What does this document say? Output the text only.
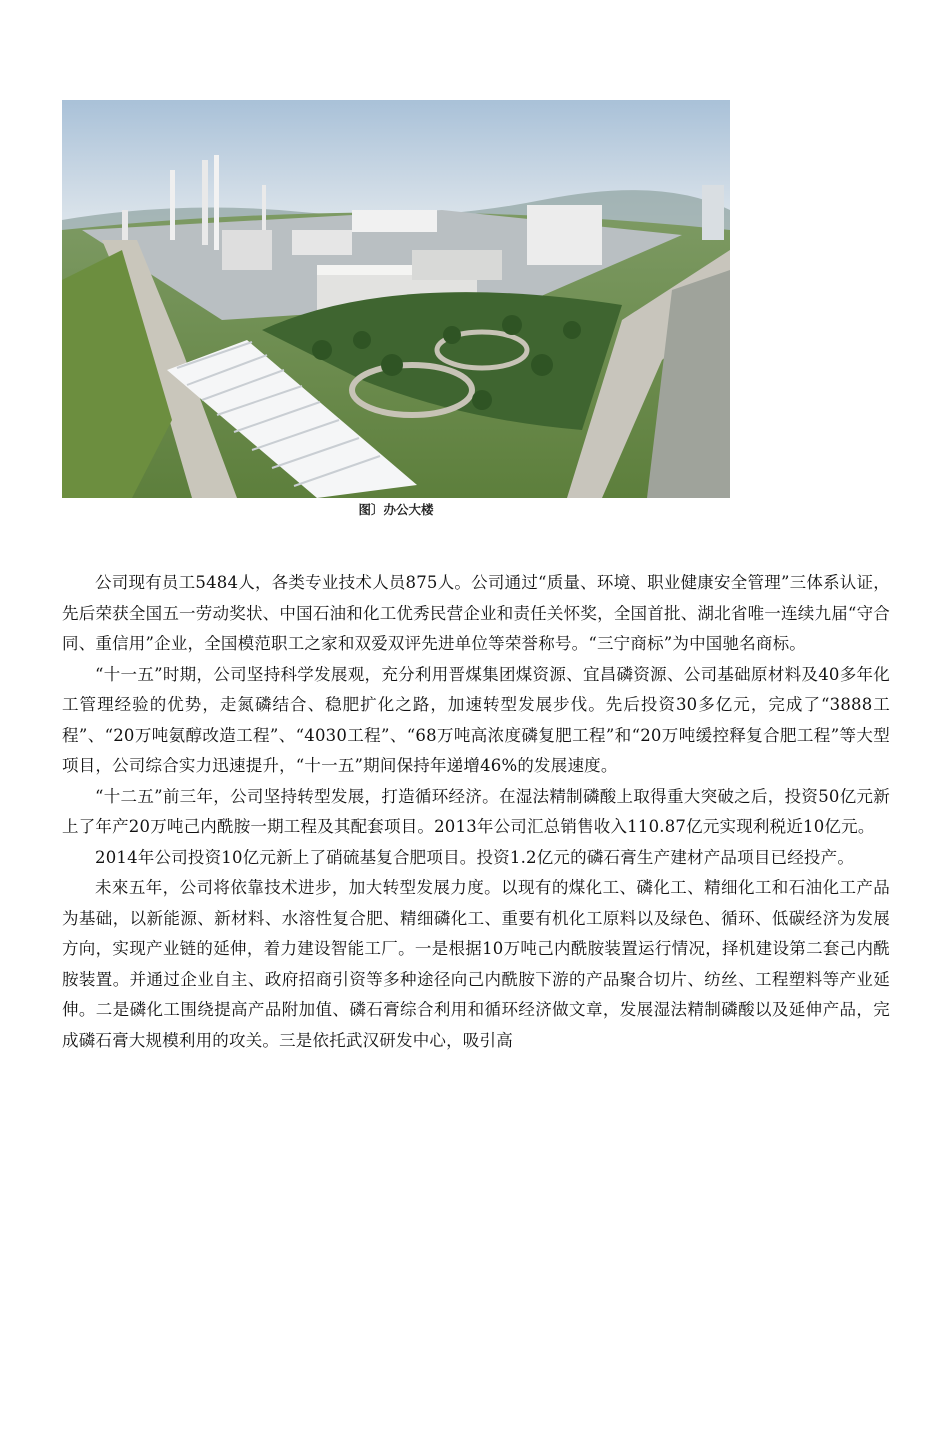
图〕办公大楼

公司现有员工5484人，各类专业技术人员875人。公司通过“质量、环境、职业健康安全管理”三体系认证，先后荣获全国五一劳动奖状、中国石油和化工优秀民营企业和责任关怀奖，全国首批、湖北省唯一连续九届“守合同、重信用”企业，全国模范职工之家和双爱双评先进单位等荣誉称号。“三宁商标”为中国驰名商标。

“十一五”时期，公司坚持科学发展观，充分利用晋煤集团煤资源、宜昌磷资源、公司基础原材料及40多年化工管理经验的优势，走氮磷结合、稳肥扩化之路，加速转型发展步伐。先后投资30多亿元，完成了“3888工程”、“20万吨氨醇改造工程”、“4030工程”、“68万吨高浓度磷复肥工程”和“20万吨缓控释复合肥工程”等大型项目，公司综合实力迅速提升，“十一五”期间保持年递增46%的发展速度。

“十二五”前三年，公司坚持转型发展，打造循环经济。在湿法精制磷酸上取得重大突破之后，投资50亿元新上了年产20万吨己内酰胺一期工程及其配套项目。2013年公司汇总销售收入110.87亿元实现利税近10亿元。

2014年公司投资10亿元新上了硝硫基复合肥项目。投资1.2亿元的磷石膏生产建材产品项目已经投产。

未來五年，公司将依靠技术进步，加大转型发展力度。以现有的煤化工、磷化工、精细化工和石油化工产品为基础，以新能源、新材料、水溶性复合肥、精细磷化工、重要有机化工原料以及绿色、循环、低碳经济为发展方向，实现产业链的延伸，着力建设智能工厂。一是根据10万吨己内酰胺装置运行情况，择机建设第二套己内酰胺装置。并通过企业自主、政府招商引资等多种途径向己内酰胺下游的产品聚合切片、纺丝、工程塑料等产业延伸。二是磷化工围绕提高产品附加值、磷石膏综合利用和循环经济做文章，发展湿法精制磷酸以及延伸产品，完成磷石膏大规模利用的攻关。三是依托武汉研发中心，吸引高
